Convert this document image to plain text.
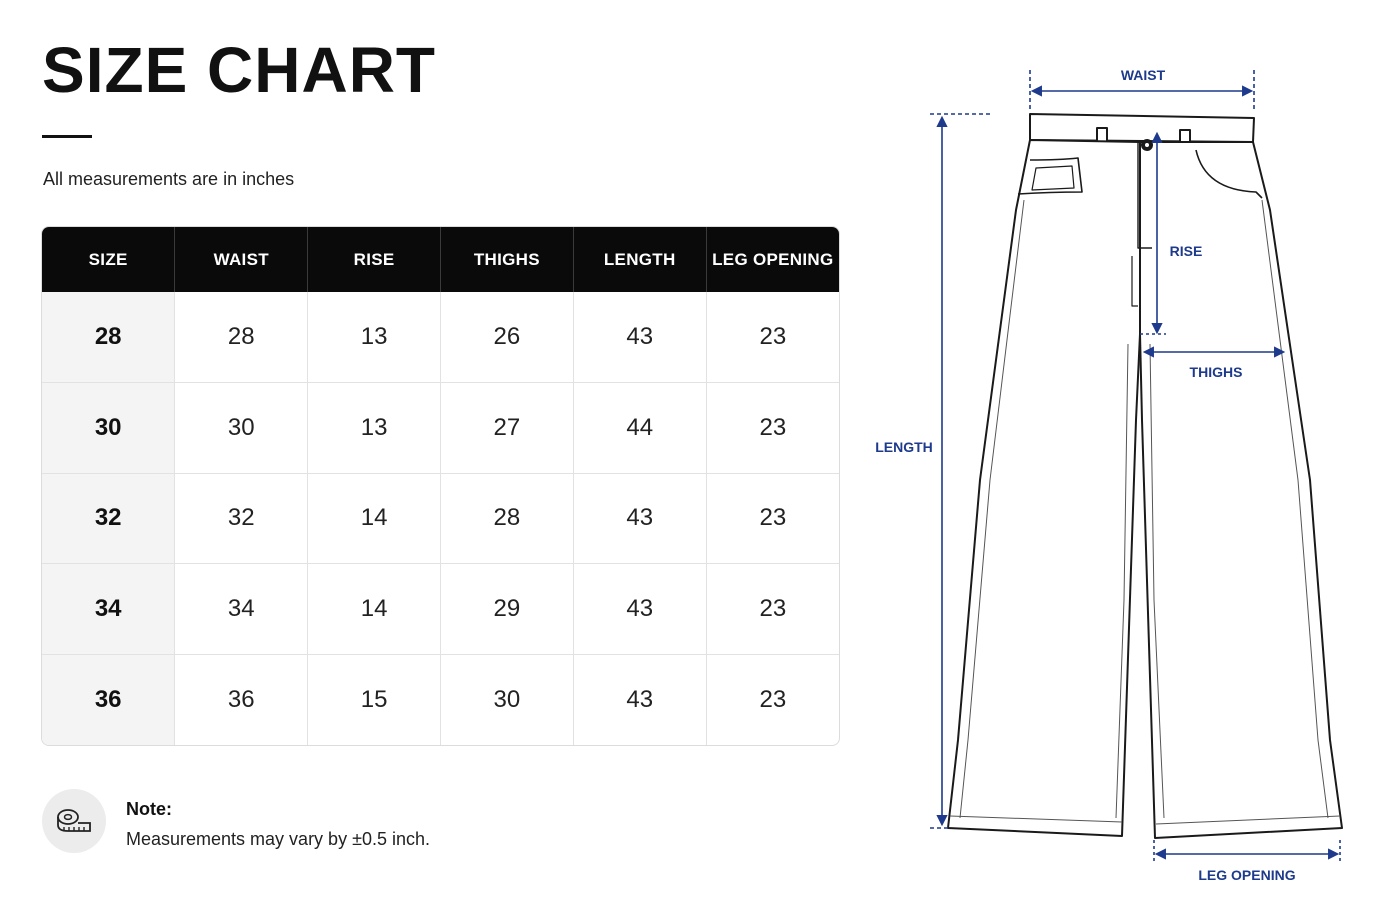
SIZE CHART
All measurements are in inches
SIZE	WAIST	RISE	THIGHS	LENGTH	LEG OPENING
28	28	13	26	43	23
30	30	13	27	44	23
32	32	14	28	43	23
34	34	14	29	43	23
36	36	15	30	43	23
Note:
Measurements may vary by ±0.5 inch.
WAIST
RISE
THIGHS
LENGTH
LEG OPENING
